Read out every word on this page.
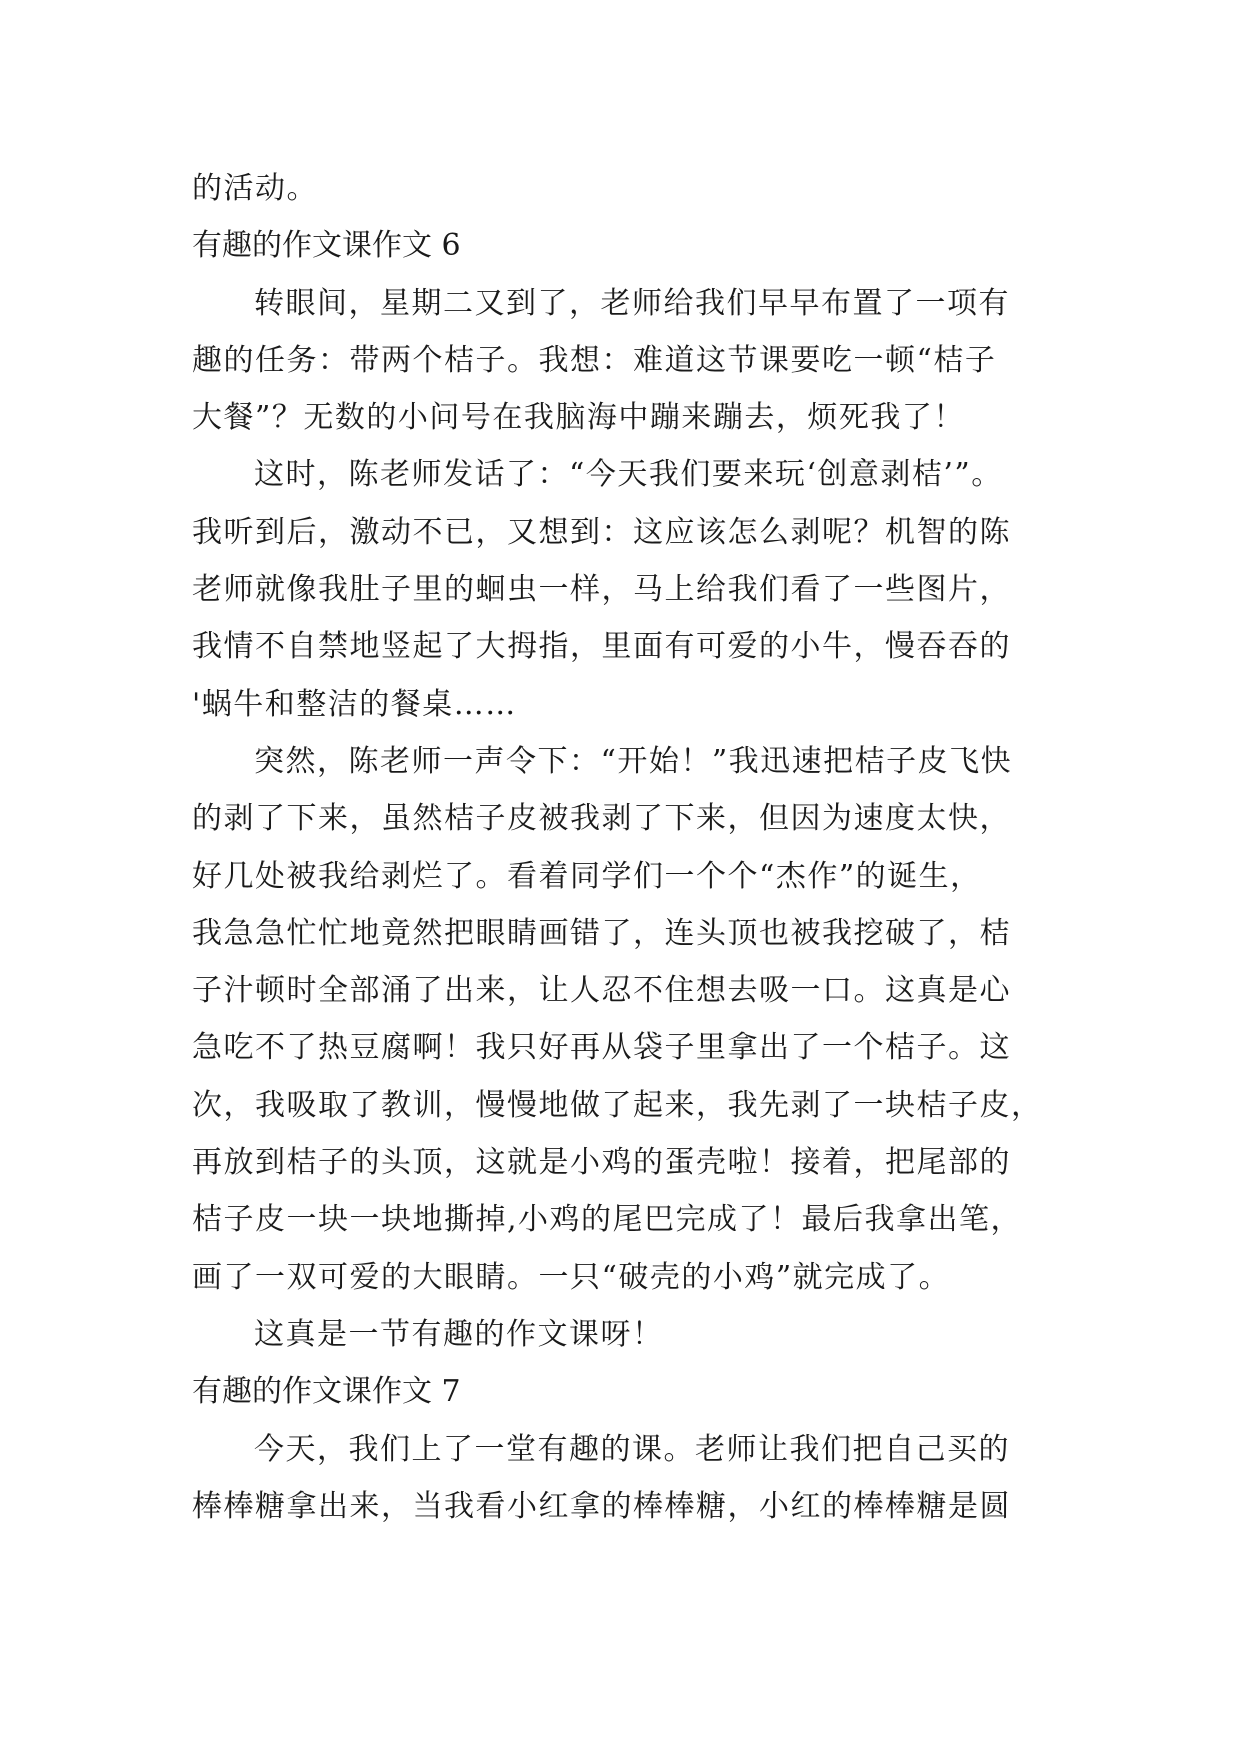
的活动。
有趣的作文课作文 6
转眼间，星期二又到了，老师给我们早早布置了一项有
趣的任务：带两个桔子。我想：难道这节课要吃一顿“桔子
大餐”？无数的小问号在我脑海中蹦来蹦去，烦死我了！
这时，陈老师发话了：“今天我们要来玩‘创意剥桔’”。
我听到后，激动不已，又想到：这应该怎么剥呢？机智的陈
老师就像我肚子里的蛔虫一样，马上给我们看了一些图片，
我情不自禁地竖起了大拇指，里面有可爱的小牛，慢吞吞的
'蜗牛和整洁的餐桌……
突然，陈老师一声令下：“开始！”我迅速把桔子皮飞快
的剥了下来，虽然桔子皮被我剥了下来，但因为速度太快，
好几处被我给剥烂了。看着同学们一个个“杰作”的诞生，
我急急忙忙地竟然把眼睛画错了，连头顶也被我挖破了，桔
子汁顿时全部涌了出来，让人忍不住想去吸一口。这真是心
急吃不了热豆腐啊！我只好再从袋子里拿出了一个桔子。这
次，我吸取了教训，慢慢地做了起来，我先剥了一块桔子皮，
再放到桔子的头顶，这就是小鸡的蛋壳啦！接着，把尾部的
桔子皮一块一块地撕掉,小鸡的尾巴完成了！最后我拿出笔，
画了一双可爱的大眼睛。一只“破壳的小鸡”就完成了。
这真是一节有趣的作文课呀！
有趣的作文课作文 7
今天，我们上了一堂有趣的课。老师让我们把自己买的
棒棒糖拿出来，当我看小红拿的棒棒糖，小红的棒棒糖是圆
